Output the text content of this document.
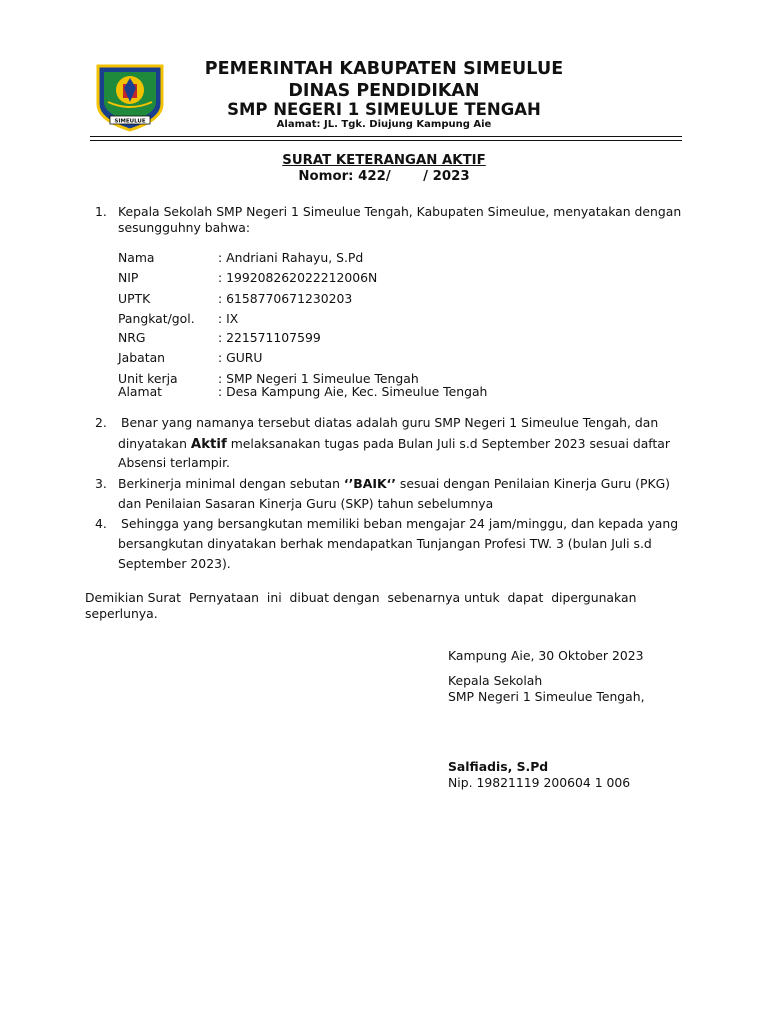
SIMEULUE
PEMERINTAH KABUPATEN SIMEULUE
DINAS PENDIDIKAN
SMP NEGERI 1 SIMEULUE TENGAH
Alamat: JL. Tgk. Diujung Kampung Aie
SURAT KETERANGAN AKTIF
Nomor: 422/       / 2023
1. Kepala Sekolah SMP Negeri 1 Simeulue Tengah, Kabupaten Simeulue, menyatakan dengan
sesungguhny bahwa:
Nama	: Andriani Rahayu, S.Pd
NIP	: 19920826202221​2006N
UPTK	: 6158770671230203
Pangkat/gol. : IX
NRG	: 221571107599
Jabatan	: GURU
Unit kerja	: SMP Negeri 1 Simeulue Tengah
Alamat	: Desa Kampung Aie, Kec. Simeulue Tengah
2. Benar yang namanya tersebut diatas adalah guru SMP Negeri 1 Simeulue Tengah, dan
dinyatakan Aktif melaksanakan tugas pada Bulan Juli s.d September 2023 sesuai daftar
Absensi terlampir.
3. Berkinerja minimal dengan sebutan ‘’BAIK‘’ sesuai dengan Penilaian Kinerja Guru (PKG)
dan Penilaian Sasaran Kinerja Guru (SKP) tahun sebelumnya
4. Sehingga yang bersangkutan memiliki beban mengajar 24 jam/minggu, dan kepada yang
bersangkutan dinyatakan berhak mendapatkan Tunjangan Profesi TW. 3 (bulan Juli s.d
September 2023).
Demikian Surat  Pernyataan  ini  dibuat dengan  sebenarnya untuk  dapat  dipergunakan
seperlunya.
Kampung Aie, 30 Oktober 2023
Kepala Sekolah
SMP Negeri 1 Simeulue Tengah,
Salfiadis, S.Pd
Nip. 19821119 200604 1 006
